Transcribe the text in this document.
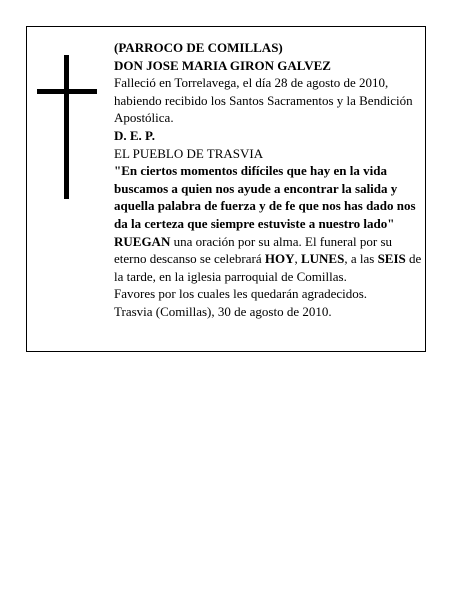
(PARROCO DE COMILLAS)

DON JOSE MARIA GIRON GALVEZ

Falleció en Torrelavega, el día 28 de agosto de 2010, habiendo recibido los Santos Sacramentos y la Bendición Apostólica.

D. E. P.

EL PUEBLO DE TRASVIA

"En ciertos momentos difíciles que hay en la vida buscamos a quien nos ayude a encontrar la salida y aquella palabra de fuerza y de fe que nos has dado nos da la certeza que siempre estuviste a nuestro lado"

RUEGAN una oración por su alma. El funeral por su eterno descanso se celebrará HOY, LUNES, a las SEIS de la tarde, en la iglesia parroquial de Comillas.

Favores por los cuales les quedarán agradecidos.

Trasvia (Comillas), 30 de agosto de 2010.
